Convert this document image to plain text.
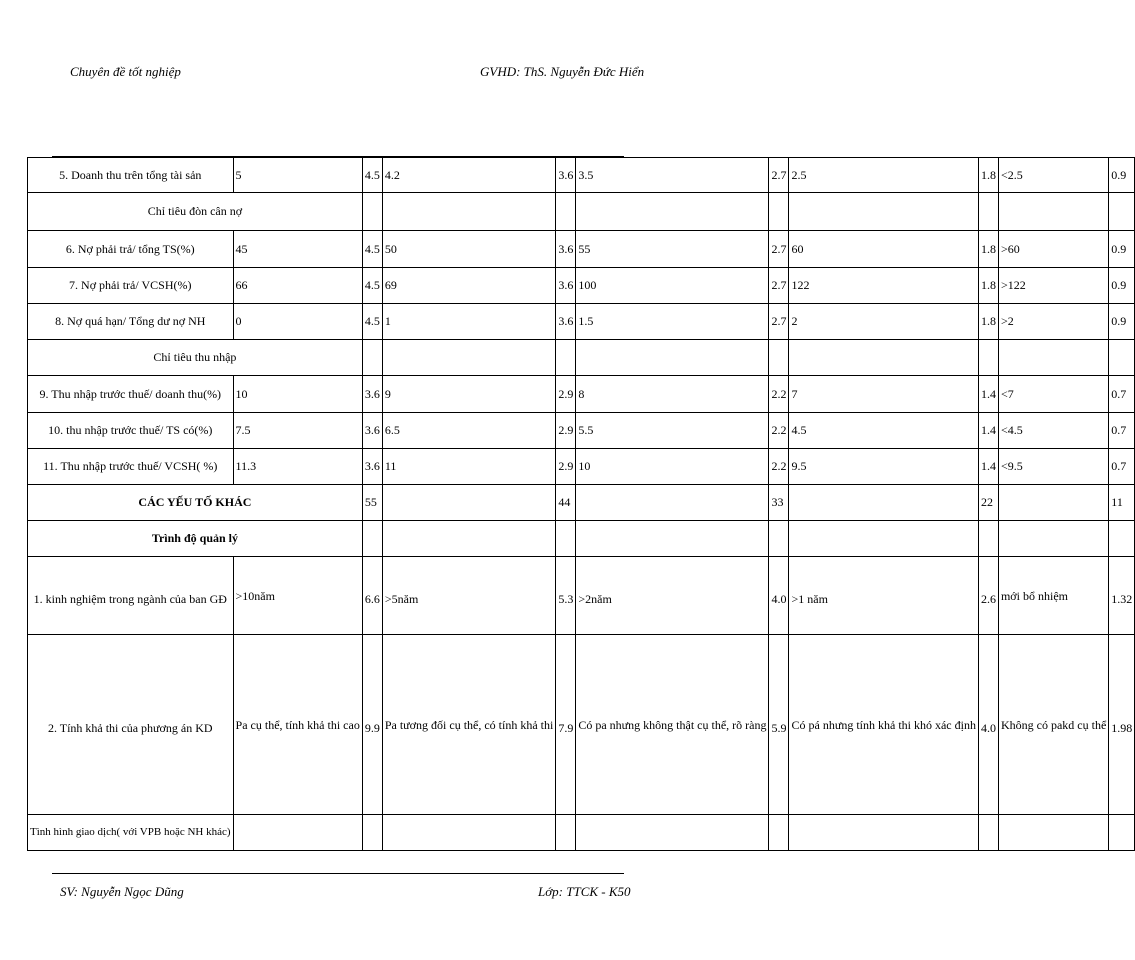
Chuyên đề tốt nghiệp	GVHD: ThS. Nguyễn Đức Hiển
5. Doanh thu trên tổng tài sản	5	4.5	4.2	3.6	3.5	2.7	2.5	1.8	<2.5	0.9
Chỉ tiêu đòn cân nợ										
6. Nợ phải trả/ tổng TS(%)	45	4.5	50	3.6	55	2.7	60	1.8	>60	0.9
7. Nợ phải trả/ VCSH(%)	66	4.5	69	3.6	100	2.7	122	1.8	>122	0.9
8. Nợ quá hạn/ Tổng dư nợ NH	0	4.5	1	3.6	1.5	2.7	2	1.8	>2	0.9
Chỉ tiêu thu nhập										
9. Thu nhập trước thuế/ doanh thu(%)	10	3.6	9	2.9	8	2.2	7	1.4	<7	0.7
10. thu nhập trước thuế/ TS có(%)	7.5	3.6	6.5	2.9	5.5	2.2	4.5	1.4	<4.5	0.7
11. Thu nhập trước thuế/ VCSH( %)	11.3	3.6	11	2.9	10	2.2	9.5	1.4	<9.5	0.7
CÁC YẾU TỐ KHÁC		55		44		33		22		11
Trình độ quản lý										
1. kinh nghiệm trong ngành của ban GĐ	>10năm	6.6	>5năm	5.3	>2năm	4.0	>1 năm	2.6	mới bổ nhiệm	1.32
2. Tính khả thi của phương án KD	Pa cụ thể, tính khả thi cao	9.9	Pa tương đối cụ thể, có tính khả thi	7.9	Có pa nhưng không thật cụ thể, rõ ràng	5.9	Có pá nhưng tính khả thi khó xác định	4.0	Không có pakd cụ thể	1.98
Tình hình giao dịch( với VPB hoặc NH khác)										
SV: Nguyễn Ngọc Dũng	Lớp: TTCK - K50
